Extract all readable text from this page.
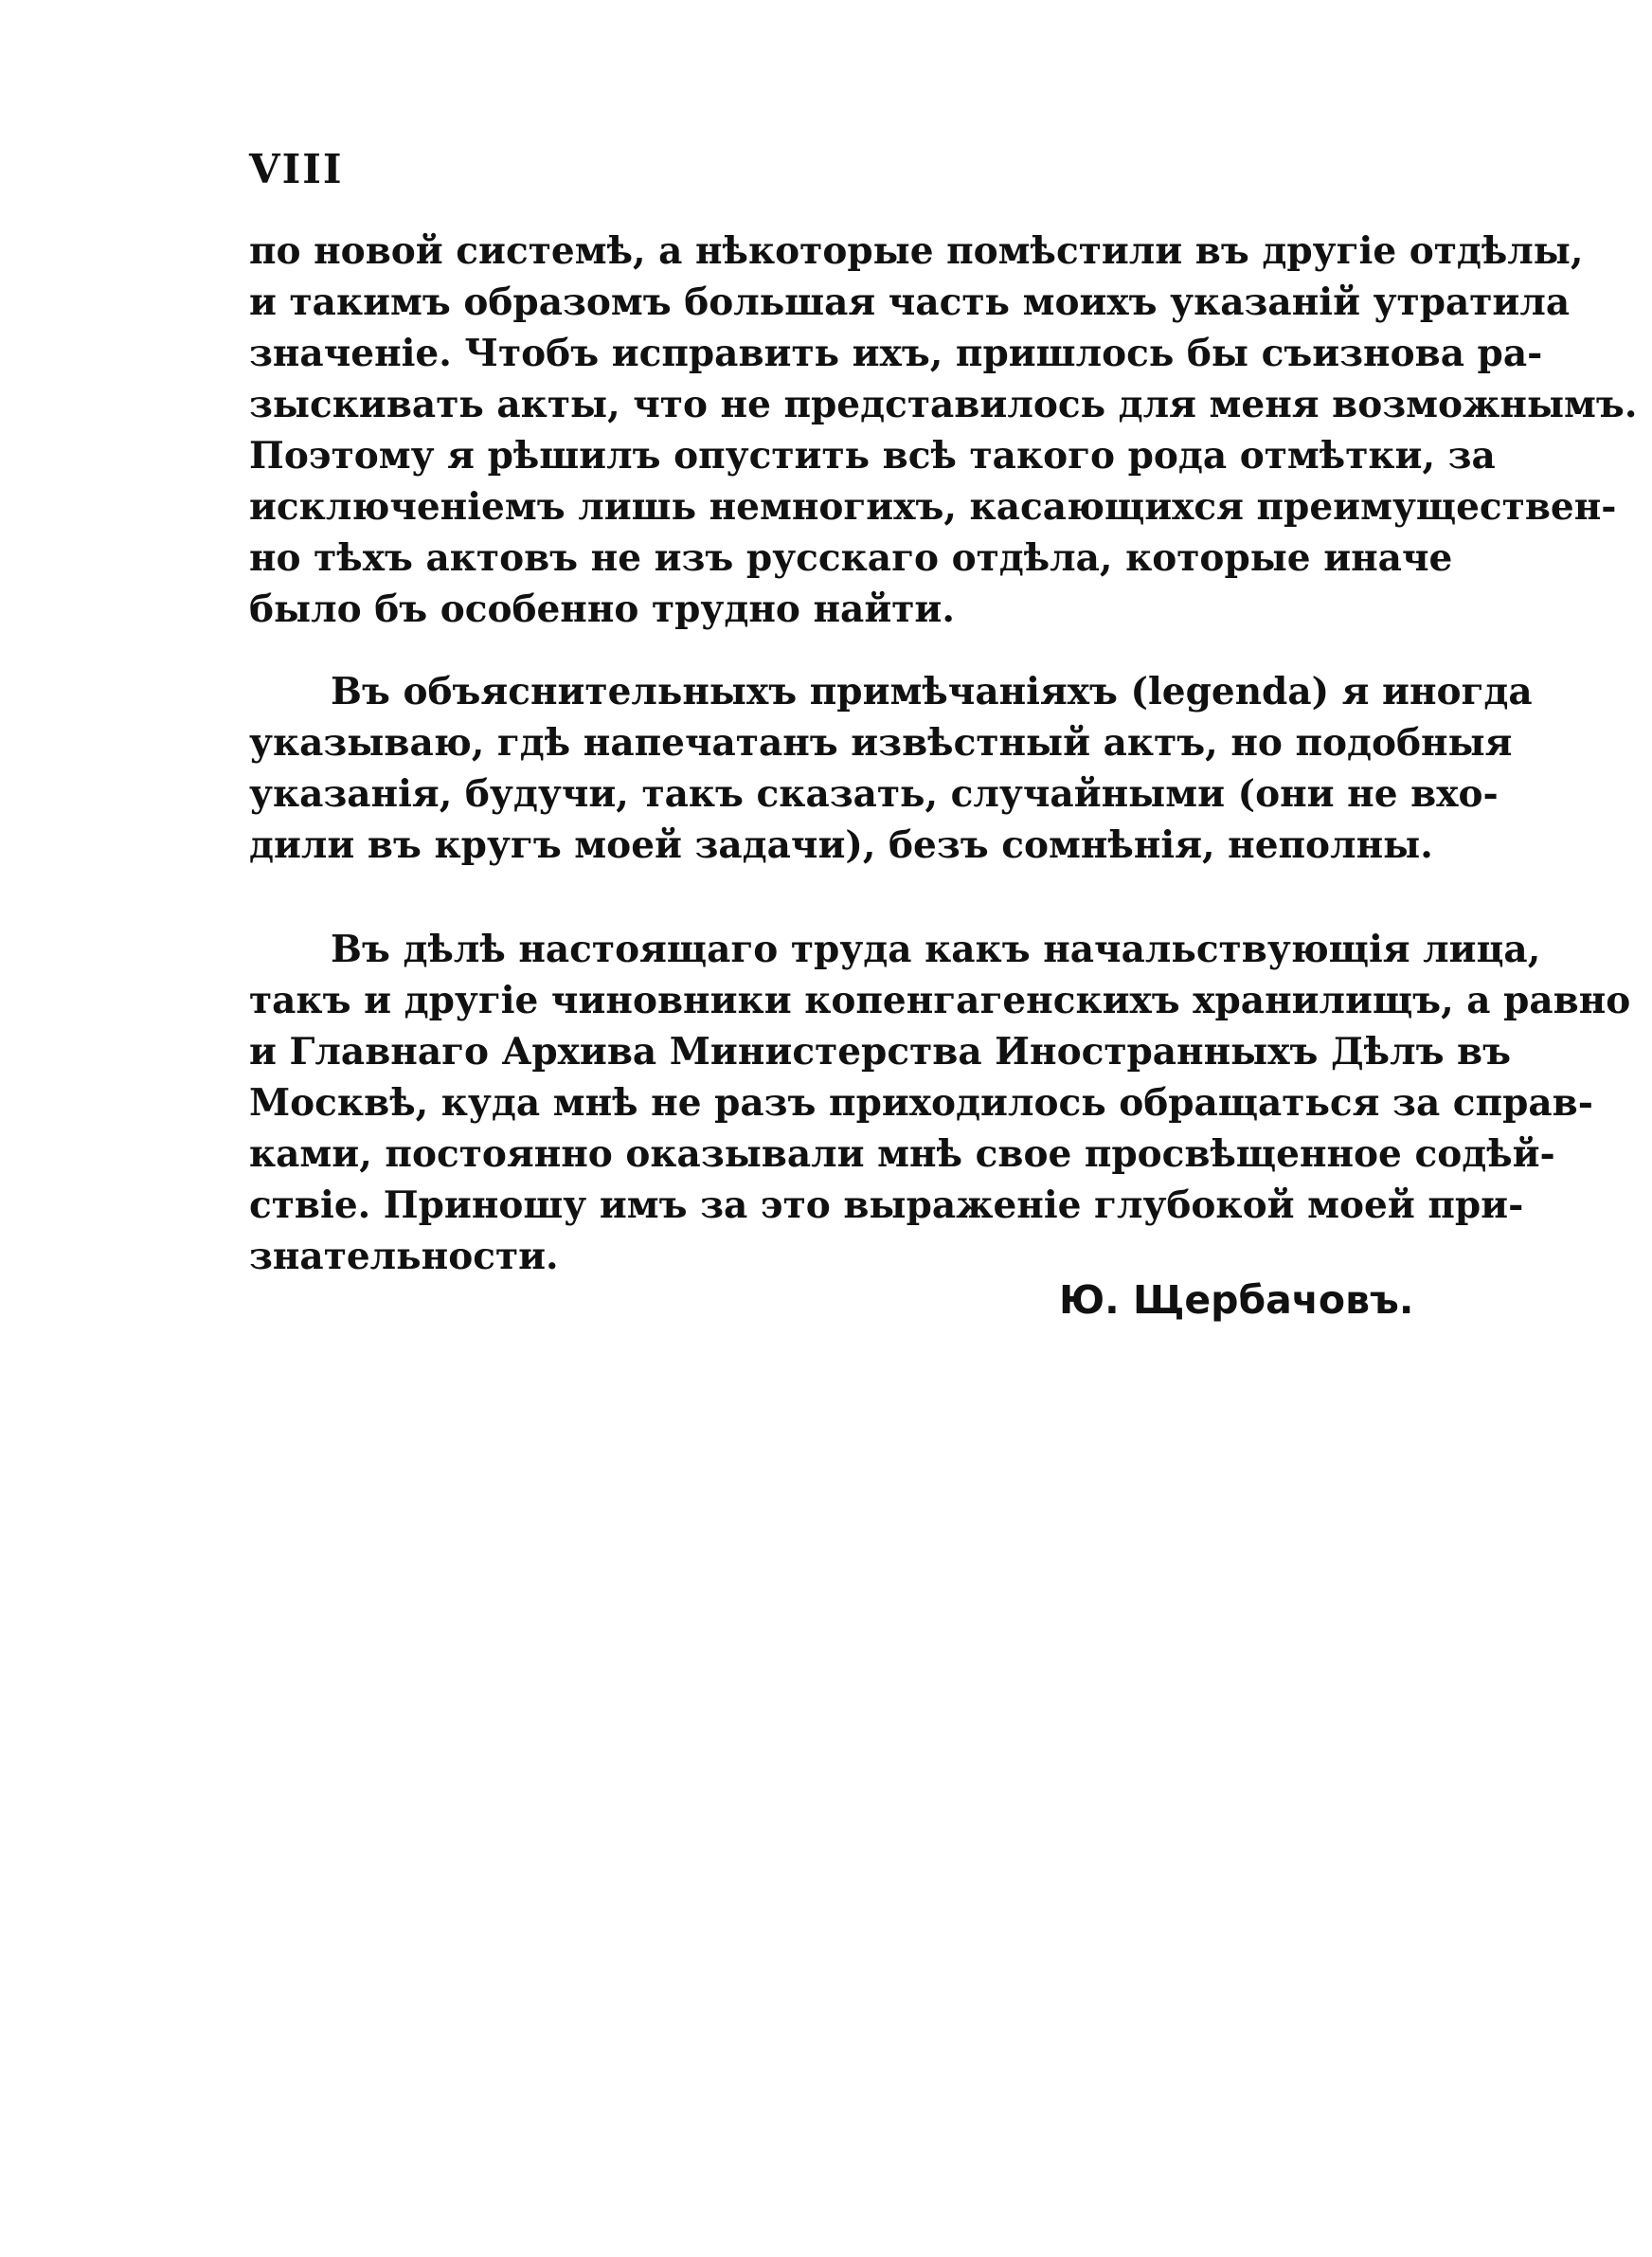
VIII
по новой системѣ, а нѣкоторые помѣстили въ другіе отдѣлы,
и такимъ образомъ большая часть моихъ указаній утратила
значеніе. Чтобъ исправить ихъ, пришлось бы съизнова ра-
зыскивать акты, что не представилось для меня возможнымъ.
Поэтому я рѣшилъ опустить всѣ такого рода отмѣтки, за
исключеніемъ лишь немногихъ, касающихся преимуществен-
но тѣхъ актовъ не изъ русскаго отдѣла, которые иначе
было бъ особенно трудно найти.
Въ объяснительныхъ примѣчаніяхъ (legenda) я иногда
указываю, гдѣ напечатанъ извѣстный актъ, но подобныя
указанія, будучи, такъ сказать, случайными (они не вхо-
дили въ кругъ моей задачи), безъ сомнѣнія, неполны.
Въ дѣлѣ настоящаго труда какъ начальствующія лица,
такъ и другіе чиновники копенгагенскихъ хранилищъ, а равно
и Главнаго Архива Министерства Иностранныхъ Дѣлъ въ
Москвѣ, куда мнѣ не разъ приходилось обращаться за справ-
ками, постоянно оказывали мнѣ свое просвѣщенное содѣй-
ствіе. Приношу имъ за это выраженіе глубокой моей при-
знательности.
Ю. Щербачовъ.
